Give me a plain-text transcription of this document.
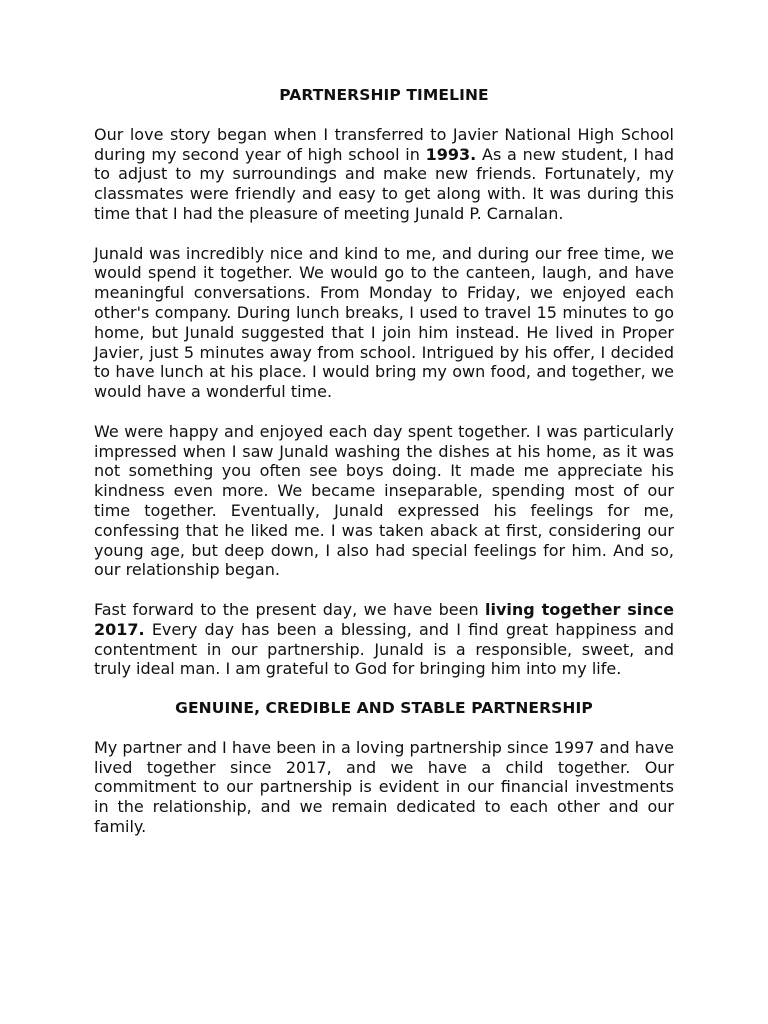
PARTNERSHIP TIMELINE

Our love story began when I transferred to Javier National High School during my second year of high school in 1993. As a new student, I had to adjust to my surroundings and make new friends. Fortunately, my classmates were friendly and easy to get along with. It was during this time that I had the pleasure of meeting Junald P. Carnalan.

Junald was incredibly nice and kind to me, and during our free time, we would spend it together. We would go to the canteen, laugh, and have meaningful conversations. From Monday to Friday, we enjoyed each other's company. During lunch breaks, I used to travel 15 minutes to go home, but Junald suggested that I join him instead. He lived in Proper Javier, just 5 minutes away from school. Intrigued by his offer, I decided to have lunch at his place. I would bring my own food, and together, we would have a wonderful time.

We were happy and enjoyed each day spent together. I was particularly impressed when I saw Junald washing the dishes at his home, as it was not something you often see boys doing. It made me appreciate his kindness even more. We became inseparable, spending most of our time together. Eventually, Junald expressed his feelings for me, confessing that he liked me. I was taken aback at first, considering our young age, but deep down, I also had special feelings for him. And so, our relationship began.

Fast forward to the present day, we have been living together since 2017. Every day has been a blessing, and I find great happiness and contentment in our partnership. Junald is a responsible, sweet, and truly ideal man. I am grateful to God for bringing him into my life.

GENUINE, CREDIBLE AND STABLE PARTNERSHIP

My partner and I have been in a loving partnership since 1997 and have lived together since 2017, and we have a child together. Our commitment to our partnership is evident in our financial investments in the relationship, and we remain dedicated to each other and our family.
